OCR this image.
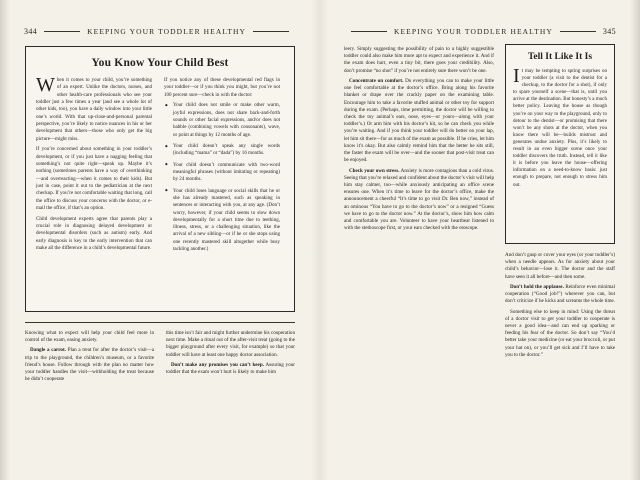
344	KEEPING YOUR TODDLER HEALTHY	KEEPING YOUR TODDLER HEALTHY	345
You Know Your Child Best

When it comes to your child, you’re something of an expert. Unlike the doctors, nurses, and other health-care professionals who see your toddler just a few times a year (and see a whole lot of other kids, too), you have a daily window into your little one’s world. With that up-close-and-personal parental perspective, you’re likely to notice nuances in his or her development that others—those who only get the big picture—might miss.

If you’re concerned about something in your toddler’s development, or if you just have a nagging feeling that something’s not quite right—speak up. Maybe it’s nothing (sometimes parents have a way of overthinking—and overreacting—when it comes to their kids). But just in case, point it out to the pediatrician at the next checkup. If you’re not comfortable waiting that long, call the office to discuss your concerns with the doctor, or e-mail the office, if that’s an option.

Child development experts agree that parents play a crucial role in diagnosing delayed development or developmental disorders (such as autism) early. And early diagnosis is key to the early intervention that can make all the difference in a child’s developmental future.

If you notice any of these developmental red flags in your toddler—or if you think you might, but you’re not 100 percent sure—check in with the doctor:

◆ Your child does not smile or make other warm, joyful expressions, does not share back-and-forth sounds or other facial expressions, and/or does not babble (combining vowels with consonants), wave, or point at things by 12 months of age.
◆ Your child doesn’t speak any single words (including “mama” or “dada”) by 16 months.
◆ Your child doesn’t communicate with two-word meaningful phrases (without imitating or repeating) by 24 months.
◆ Your child loses language or social skills that he or she has already mastered, such as speaking in sentences or interacting with you, at any age. (Don’t worry, however, if your child seems to slow down developmentally for a short time due to teething, illness, stress, or a challenging situation, like the arrival of a new sibling—or if he or she stops using one recently mastered skill altogether while busy tackling another.)

Knowing what to expect will help your child feel more in control of the exam, easing anxiety.

Dangle a carrot. Plan a treat for after the doctor’s visit—a trip to the playground, the children’s museum, or a favorite friend’s house. Follow through with the plan no matter how your toddler handles the visit—withholding the treat because he didn’t cooperate

this time isn’t fair and might further undermine his cooperation next time. Make a ritual out of the after-visit treat (going to the bigger playground after every visit, for example) so that your toddler will have at least one happy doctor association.

Don’t make any promises you can’t keep. Assuring your toddler that the exam won’t hurt is likely to make him

leery. Simply suggesting the possibility of pain to a highly suggestible toddler could also make him more apt to expect and experience it. And if the exam does hurt, even a tiny bit, there goes your credibility. Also, don’t promise “no shot” if you’re not entirely sure there won’t be one.

Concentrate on comfort. Do everything you can to make your little one feel comfortable at the doctor’s office. Bring along his favorite blanket or drape over the crackly paper on the examining table. Encourage him to take a favorite stuffed animal or other toy for support during the exam. (Perhaps, time permitting, the doctor will be willing to check the toy animal’s ears, nose, eyes—or yours—along with your toddler’s.) Or arm him with his doctor’s kit, so he can check you while you’re waiting. And if you think your toddler will do better on your lap, let him sit there—for as much of the exam as possible. If he cries, let him know it’s okay. But also calmly remind him that the better he sits still, the faster the exam will be over—and the sooner that post-visit treat can be enjoyed.

Check your own stress. Anxiety is more contagious than a cold virus. Seeing that you’re relaxed and confident about the doctor’s visit will help him stay calmer, too—while anxiously anticipating an office scene ensures one. When it’s time to leave for the doctor’s office, make the announcement a cheerful “It’s time to go visit Dr. Ben now,” instead of an ominous “You have to go to the doctor’s now” or a resigned “Guess we have to go to the doctor now.” At the doctor’s, show him how calm and comfortable you are. Volunteer to have your heartbeat listened to with the stethoscope first, or your ears checked with the otoscope.

Tell It Like It Is

It may be tempting to spring surprises on your toddler (a visit to the dentist for a checkup, to the doctor for a shot), if only to spare yourself a scene—that is, until you arrive at the destination. But honesty’s a much better policy. Leaving the house as though you’re on your way to the playground, only to detour to the dentist—or promising that there won’t be any shots at the doctor, when you know there will be—builds mistrust and generates undue anxiety. Plus, it’s likely to result in an even bigger scene once your toddler discovers the truth. Instead, tell it like it is before you leave the house—offering information on a need-to-know basis: just enough to prepare, not enough to stress him out.

And don’t gasp or cover your eyes (or your toddler’s) when a needle appears. As for anxiety about your child’s behavior—lose it. The doctor and the staff have seen it all before—and then some.

Don’t hold the applause. Reinforce even minimal cooperation (“Good job!”) wherever you can, but don’t criticize if he kicks and screams the whole time.

Something else to keep in mind: Using the threat of a doctor visit to get your toddler to cooperate is never a good idea—and can end up sparking or feeding his fear of the doctor. So don’t say “You’d better take your medicine (or eat your broccoli, or put your hat on), or you’ll get sick and I’ll have to take you to the doctor.”
